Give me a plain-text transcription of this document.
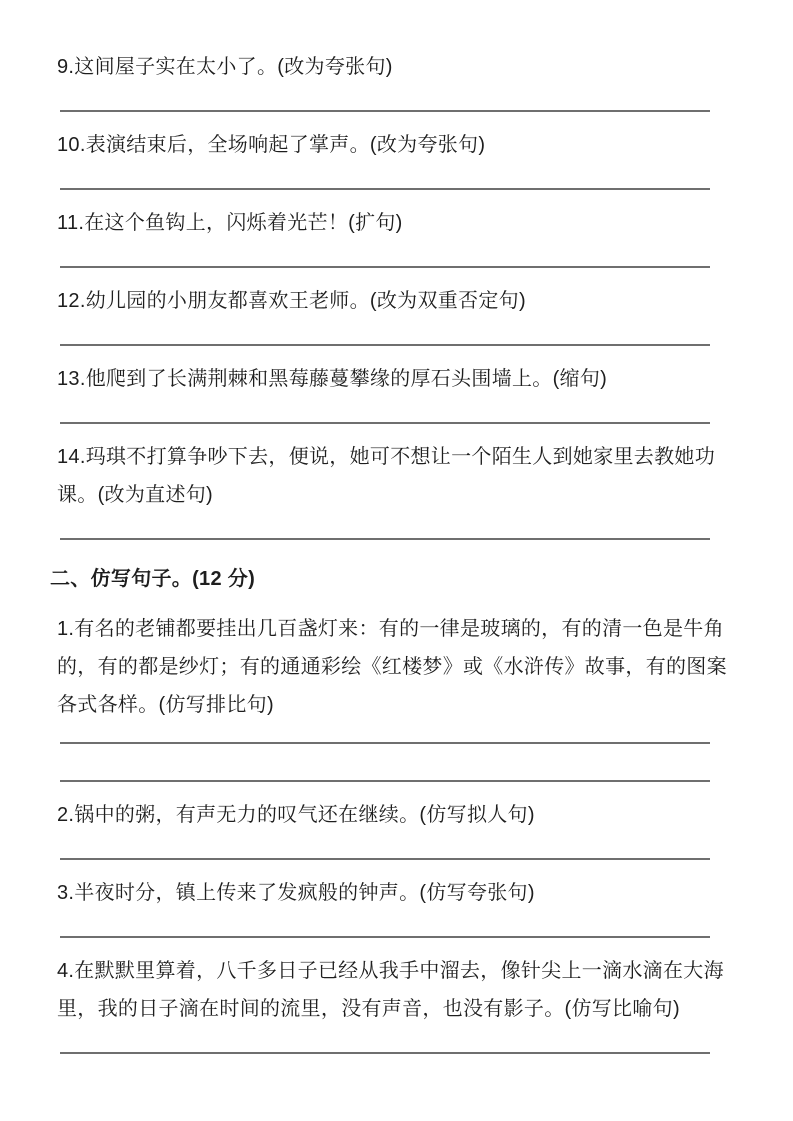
9.这间屋子实在太小了。(改为夸张句)

10.表演结束后，全场响起了掌声。(改为夸张句)

11.在这个鱼钩上，闪烁着光芒！(扩句)

12.幼儿园的小朋友都喜欢王老师。(改为双重否定句)

13.他爬到了长满荆棘和黑莓藤蔓攀缘的厚石头围墙上。(缩句)

14.玛琪不打算争吵下去，便说，她可不想让一个陌生人到她家里去教她功课。(改为直述句)

二、仿写句子。(12 分)

1.有名的老铺都要挂出几百盏灯来：有的一律是玻璃的，有的清一色是牛角的，有的都是纱灯；有的通通彩绘《红楼梦》或《水浒传》故事，有的图案各式各样。(仿写排比句)

2.锅中的粥，有声无力的叹气还在继续。(仿写拟人句)

3.半夜时分，镇上传来了发疯般的钟声。(仿写夸张句)

4.在默默里算着，八千多日子已经从我手中溜去，像针尖上一滴水滴在大海里，我的日子滴在时间的流里，没有声音，也没有影子。(仿写比喻句)
